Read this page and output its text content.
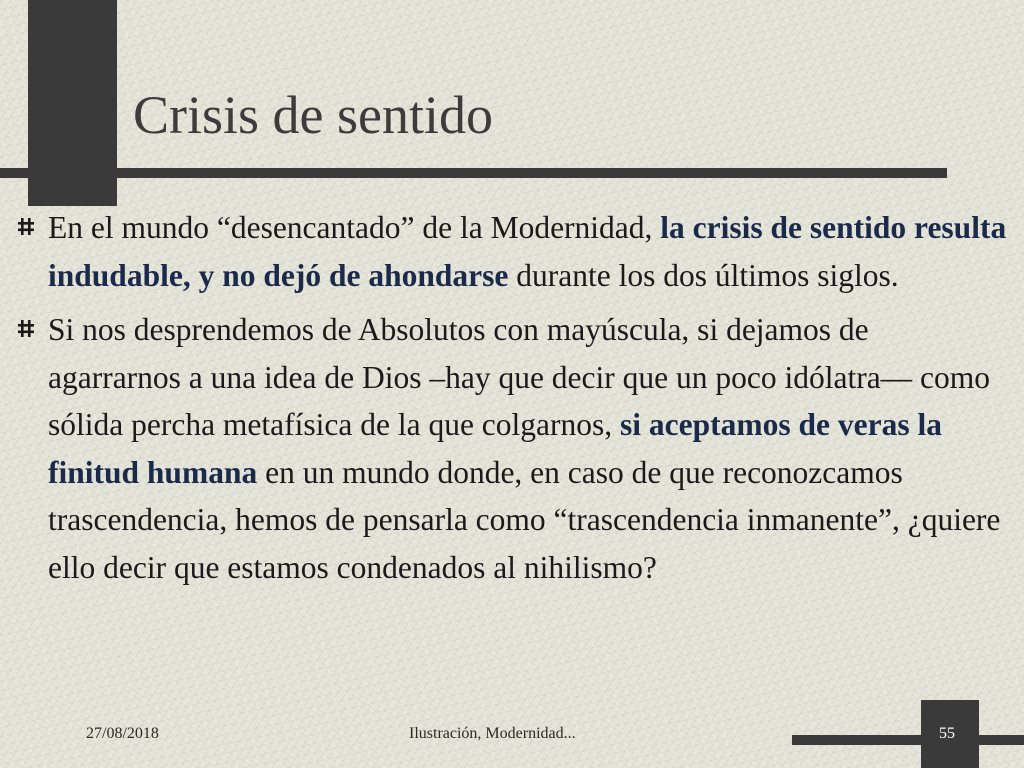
Crisis de sentido
En el mundo “desencantado” de la Modernidad, la crisis de sentido resulta indudable, y no dejó de ahondarse durante los dos últimos siglos.
Si nos desprendemos de Absolutos con mayúscula, si dejamos de agarrarnos a una idea de Dios –hay que decir que un poco idólatra— como sólida percha metafísica de la que colgarnos, si aceptamos de veras la finitud humana en un mundo donde, en caso de que reconozcamos trascendencia, hemos de pensarla como “trascendencia inmanente”, ¿quiere ello decir que estamos condenados al nihilismo?
27/08/2018	Ilustración, Modernidad...	55
